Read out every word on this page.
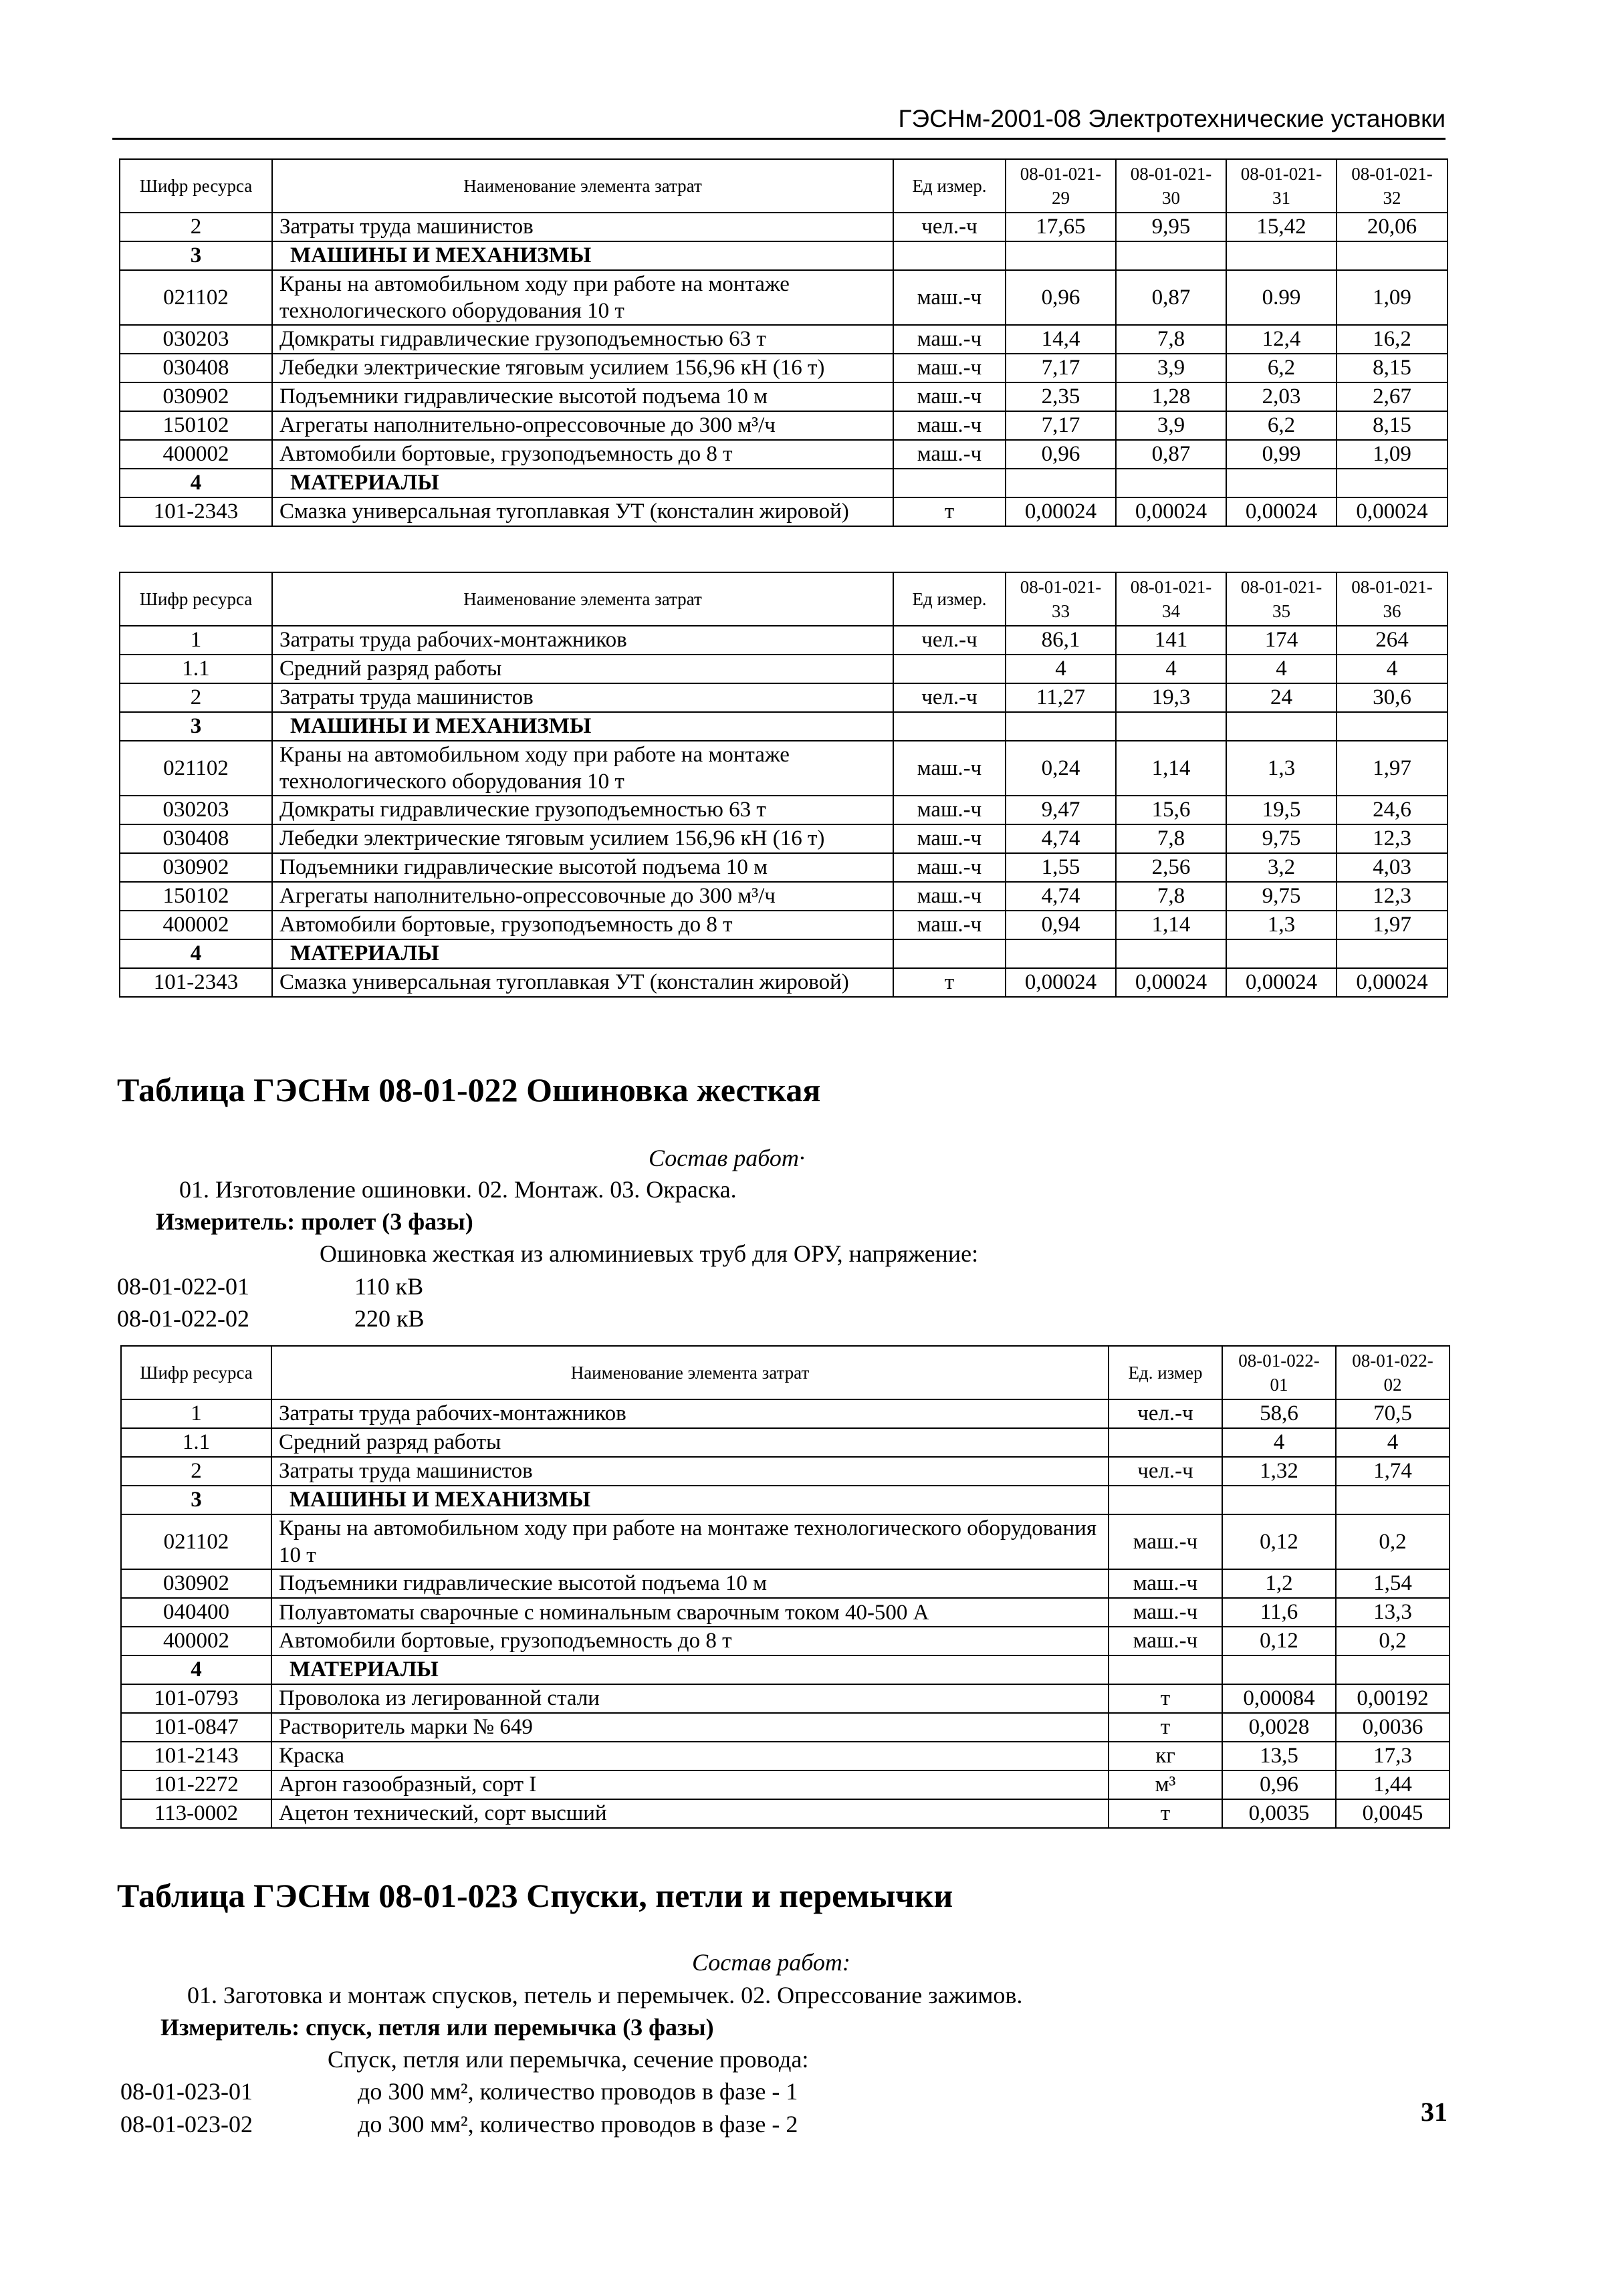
ГЭСНм-2001-08 Электротехнические установки
Шифр ресурса	Наименование элемента затрат	Ед измер.	08-01-021-29	08-01-021-30	08-01-021-31	08-01-021-32
2	Затраты труда машинистов	чел.-ч	17,65	9,95	15,42	20,06
3	МАШИНЫ И МЕХАНИЗМЫ					
021102	Краны на автомобильном ходу при работе на монтаже технологического оборудования 10 т	маш.-ч	0,96	0,87	0.99	1,09
030203	Домкраты гидравлические грузоподъемностью 63 т	маш.-ч	14,4	7,8	12,4	16,2
030408	Лебедки электрические тяговым усилием 156,96 кН (16 т)	маш.-ч	7,17	3,9	6,2	8,15
030902	Подъемники гидравлические высотой подъема 10 м	маш.-ч	2,35	1,28	2,03	2,67
150102	Агрегаты наполнительно-опрессовочные до 300 м³/ч	маш.-ч	7,17	3,9	6,2	8,15
400002	Автомобили бортовые, грузоподъемность до 8 т	маш.-ч	0,96	0,87	0,99	1,09
4	МАТЕРИАЛЫ					
101-2343	Смазка универсальная тугоплавкая УТ (консталин жировой)	т	0,00024	0,00024	0,00024	0,00024
Шифр ресурса	Наименование элемента затрат	Ед измер.	08-01-021-33	08-01-021-34	08-01-021-35	08-01-021-36
1	Затраты труда рабочих-монтажников	чел.-ч	86,1	141	174	264
1.1	Средний разряд работы		4	4	4	4
2	Затраты труда машинистов	чел.-ч	11,27	19,3	24	30,6
3	МАШИНЫ И МЕХАНИЗМЫ					
021102	Краны на автомобильном ходу при работе на монтаже технологического оборудования 10 т	маш.-ч	0,24	1,14	1,3	1,97
030203	Домкраты гидравлические грузоподъемностью 63 т	маш.-ч	9,47	15,6	19,5	24,6
030408	Лебедки электрические тяговым усилием 156,96 кН (16 т)	маш.-ч	4,74	7,8	9,75	12,3
030902	Подъемники гидравлические высотой подъема 10 м	маш.-ч	1,55	2,56	3,2	4,03
150102	Агрегаты наполнительно-опрессовочные до 300 м³/ч	маш.-ч	4,74	7,8	9,75	12,3
400002	Автомобили бортовые, грузоподъемность до 8 т	маш.-ч	0,94	1,14	1,3	1,97
4	МАТЕРИАЛЫ					
101-2343	Смазка универсальная тугоплавкая УТ (консталин жировой)	т	0,00024	0,00024	0,00024	0,00024
Таблица ГЭСНм 08-01-022 Ошиновка жесткая
Состав работ·
01. Изготовление ошиновки. 02. Монтаж. 03. Окраска.
Измеритель: пролет (3 фазы)
Ошиновка жесткая из алюминиевых труб для ОРУ, напряжение:
08-01-022-01	110 кВ
08-01-022-02	220 кВ
Шифр ресурса	Наименование элемента затрат	Ед. измер	08-01-022-01	08-01-022-02
1	Затраты труда рабочих-монтажников	чел.-ч	58,6	70,5
1.1	Средний разряд работы		4	4
2	Затраты труда машинистов	чел.-ч	1,32	1,74
3	МАШИНЫ И МЕХАНИЗМЫ			
021102	Краны на автомобильном ходу при работе на монтаже технологического оборудования 10 т	маш.-ч	0,12	0,2
030902	Подъемники гидравлические высотой подъема 10 м	маш.-ч	1,2	1,54
040400	Полуавтоматы сварочные с номинальным сварочным током 40-500 А	маш.-ч	11,6	13,3
400002	Автомобили бортовые, грузоподъемность до 8 т	маш.-ч	0,12	0,2
4	МАТЕРИАЛЫ			
101-0793	Проволока из легированной стали	т	0,00084	0,00192
101-0847	Растворитель марки № 649	т	0,0028	0,0036
101-2143	Краска	кг	13,5	17,3
101-2272	Аргон газообразный, сорт I	м³	0,96	1,44
113-0002	Ацетон технический, сорт высший	т	0,0035	0,0045
Таблица ГЭСНм 08-01-023 Спуски, петли и перемычки
Состав работ:
01. Заготовка и монтаж спусков, петель и перемычек. 02. Опрессование зажимов.
Измеритель: спуск, петля или перемычка (3 фазы)
Спуск, петля или перемычка, сечение провода:
08-01-023-01	до 300 мм², количество проводов в фазе - 1
08-01-023-02	до 300 мм², количество проводов в фазе - 2	31
